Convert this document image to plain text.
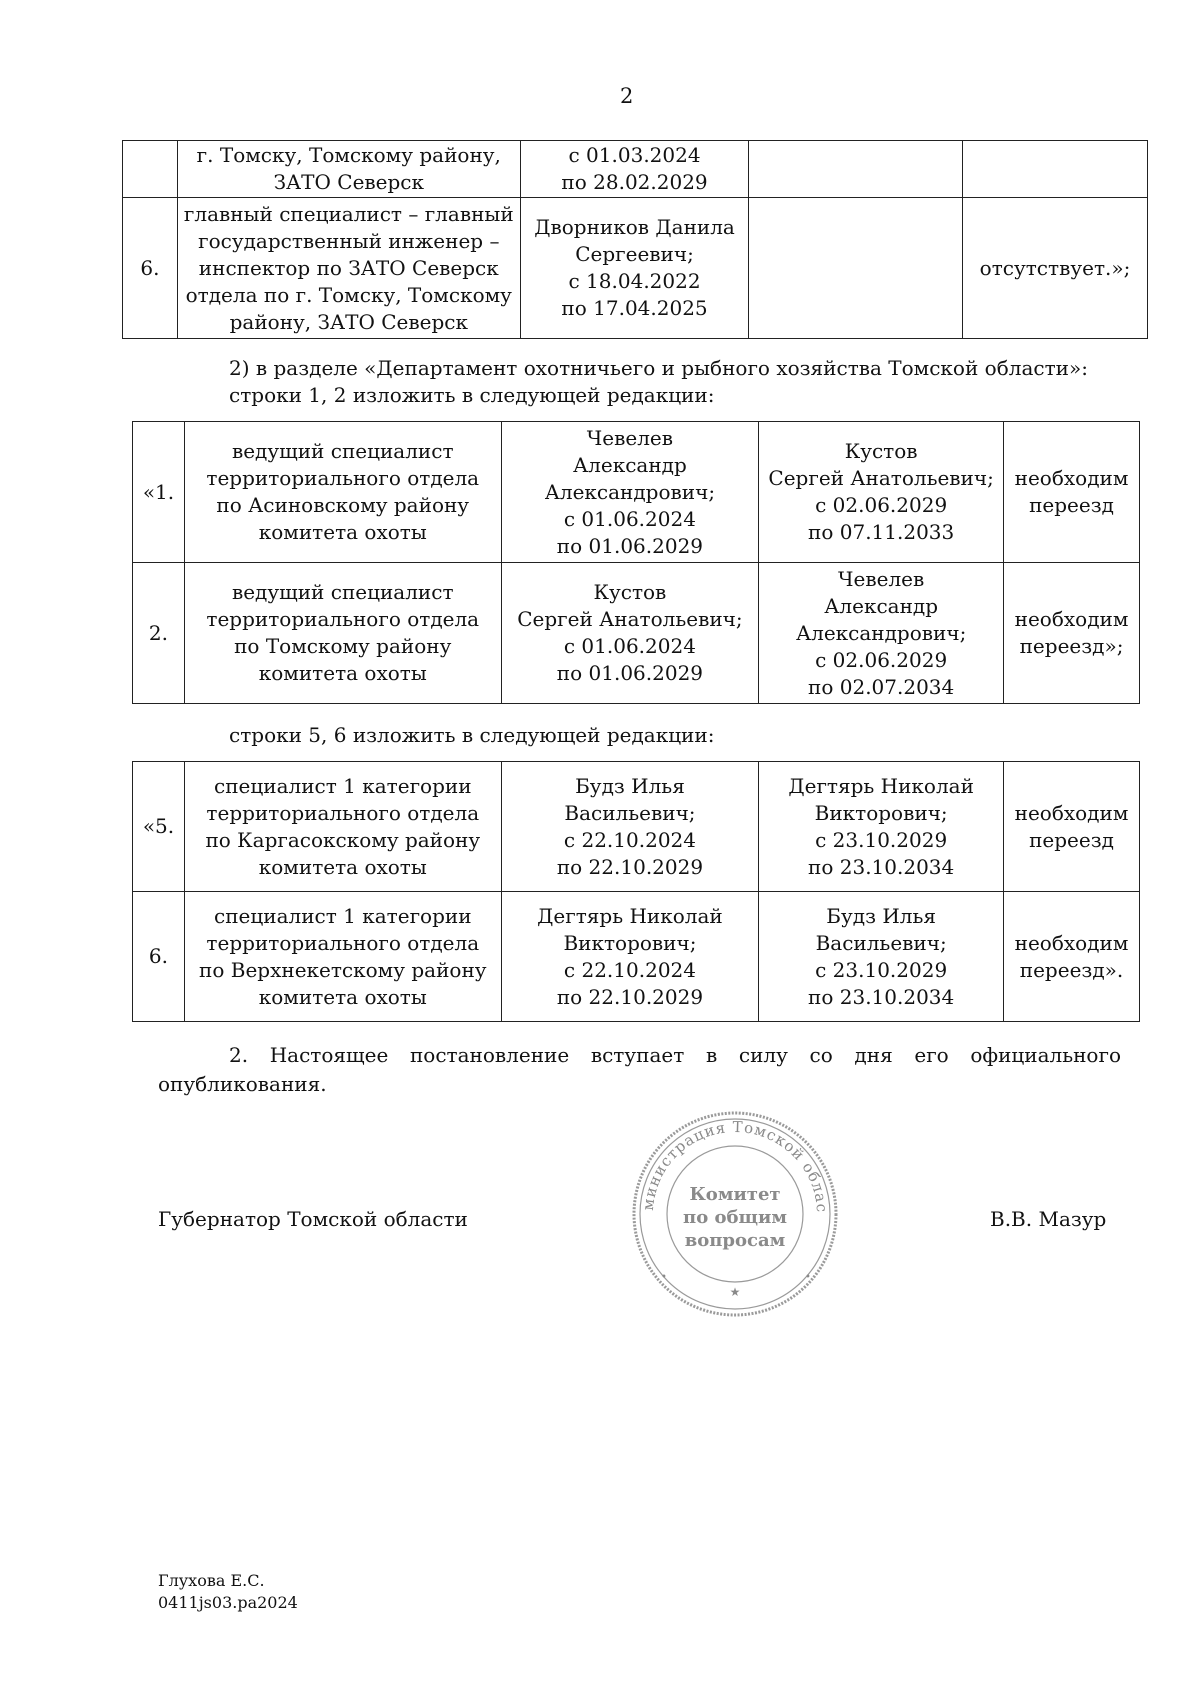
2
	г. Томску, Томскому району,
ЗАТО Северск	с 01.03.2024
по 28.02.2029		
6.	главный специалист – главный
государственный инженер –
инспектор по ЗАТО Северск
отдела по г. Томску, Томскому
району, ЗАТО Северск	Дворников Данила
Сергеевич;
с 18.04.2022
по 17.04.2025		отсутствует.»;
2) в разделе «Департамент охотничьего и рыбного хозяйства Томской области»:
строки 1, 2 изложить в следующей редакции:
«1.	ведущий специалист
территориального отдела
по Асиновскому району
комитета охоты	Чевелев
Александр
Александрович;
с 01.06.2024
по 01.06.2029	Кустов
Сергей Анатольевич;
с 02.06.2029
по 07.11.2033	необходим
переезд
2.	ведущий специалист
территориального отдела
по Томскому району
комитета охоты	Кустов
Сергей Анатольевич;
с 01.06.2024
по 01.06.2029	Чевелев
Александр
Александрович;
с 02.06.2029
по 02.07.2034	необходим
переезд»;
строки 5, 6 изложить в следующей редакции:
«5.	специалист 1 категории
территориального отдела
по Каргасокскому району
комитета охоты	Будз Илья
Васильевич;
с 22.10.2024
по 22.10.2029	Дегтярь Николай
Викторович;
с 23.10.2029
по 23.10.2034	необходим
переезд
6.	специалист 1 категории
территориального отдела
по Верхнекетскому району
комитета охоты	Дегтярь Николай
Викторович;
с 22.10.2024
по 22.10.2029	Будз Илья
Васильевич;
с 23.10.2029
по 23.10.2034	необходим
переезд».
2. Настоящее постановление вступает в силу со дня его официального
опубликования.
Губернатор Томской области	В.В. Мазур
министрация Томской облас
★
•	•
Комитет
по общим
вопросам
Глухова Е.С.
0411js03.pa2024
